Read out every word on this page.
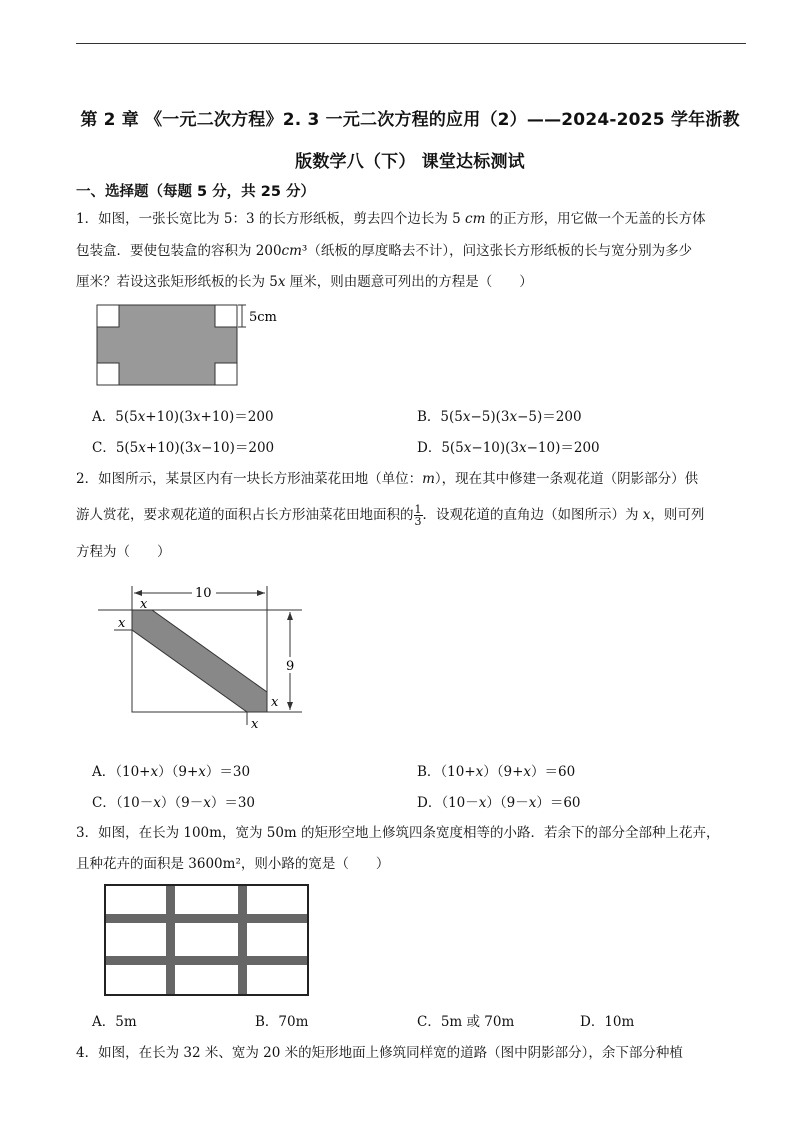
第 2 章 《一元二次方程》2. 3 一元二次方程的应用（2）——2024-2025 学年浙教
版数学八（下） 课堂达标测试
一、选择题（每题 5 分，共 25 分）
1．如图，一张长宽比为 5：3 的长方形纸板，剪去四个边长为 5 𝑐𝑚 的正方形，用它做一个无盖的长方体
包装盒．要使包装盒的容积为 200𝑐𝑚³（纸板的厚度略去不计），问这张长方形纸板的长与宽分别为多少
厘米？若设这张矩形纸板的长为 5𝑥 厘米，则由题意可列出的方程是（　　）
5cm
A．5(5𝑥+10)(3𝑥+10)＝200	B．5(5𝑥−5)(3𝑥−5)＝200
C．5(5𝑥+10)(3𝑥−10)＝200	D．5(5𝑥−10)(3𝑥−10)＝200
2．如图所示，某景区内有一块长方形油菜花田地（单位：𝑚），现在其中修建一条观花道（阴影部分）供
游人赏花，要求观花道的面积占长方形油菜花田地面积的 $\frac{1}{3}$ ．设观花道的直角边（如图所示）为 𝑥，则可列
方程为（　　）
10
9
x
x
x
x
A．（10+𝑥）（9+𝑥）＝30	B．（10+𝑥）（9+𝑥）＝60
C．（10－𝑥）（9－𝑥）＝30	D．（10－𝑥）（9－𝑥）＝60
3．如图，在长为 100m，宽为 50m 的矩形空地上修筑四条宽度相等的小路．若余下的部分全部种上花卉，
且种花卉的面积是 3600m²，则小路的宽是（　　）
A．5m	B．70m	C．5m 或 70m	D．10m
4．如图，在长为 32 米、宽为 20 米的矩形地面上修筑同样宽的道路（图中阴影部分），余下部分种植
